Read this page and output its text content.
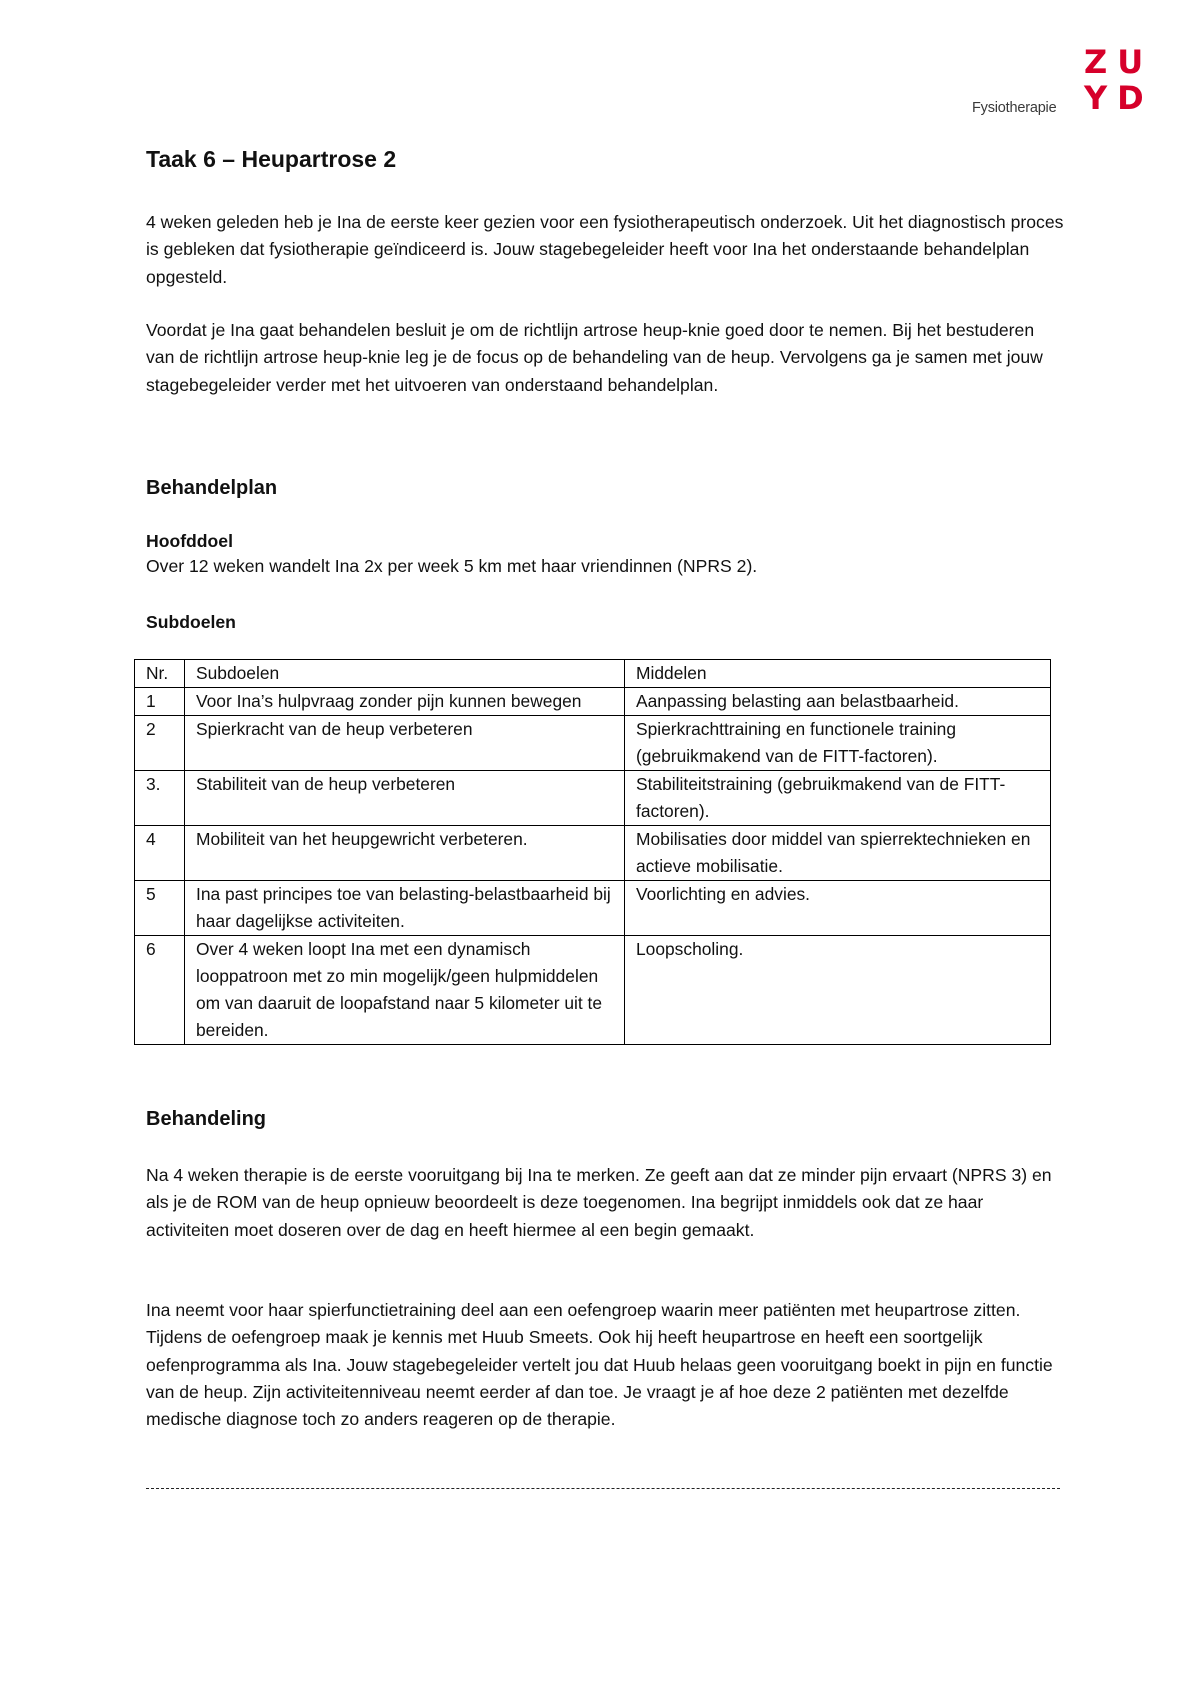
Fysiotherapie
ZU
YD
Taak 6 – Heupartrose 2

4 weken geleden heb je Ina de eerste keer gezien voor een fysiotherapeutisch onderzoek. Uit het diagnostisch proces is gebleken dat fysiotherapie geïndiceerd is. Jouw stagebegeleider heeft voor Ina het onderstaande behandelplan opgesteld.

Voordat je Ina gaat behandelen besluit je om de richtlijn artrose heup-knie goed door te nemen. Bij het bestuderen van de richtlijn artrose heup-knie leg je de focus op de behandeling van de heup. Vervolgens ga je samen met jouw stagebegeleider verder met het uitvoeren van onderstaand behandelplan.

Behandelplan
Hoofddoel

Over 12 weken wandelt Ina 2x per week 5 km met haar vriendinnen (NPRS 2).

Subdoelen
Nr.	Subdoelen	Middelen
1	Voor Ina’s hulpvraag zonder pijn kunnen bewegen	Aanpassing belasting aan belastbaarheid.
2	Spierkracht van de heup verbeteren	Spierkrachttraining en functionele training (gebruikmakend van de FITT-factoren).
3.	Stabiliteit van de heup verbeteren	Stabiliteitstraining (gebruikmakend van de FITT-factoren).
4	Mobiliteit van het heupgewricht verbeteren.	Mobilisaties door middel van spierrektechnieken en actieve mobilisatie.
5	Ina past principes toe van belasting-belastbaarheid bij haar dagelijkse activiteiten.	Voorlichting en advies.
6	Over 4 weken loopt Ina met een dynamisch looppatroon met zo min mogelijk/geen hulpmiddelen om van daaruit de loopafstand naar 5 kilometer uit te bereiden.	Loopscholing.
Behandeling

Na 4 weken therapie is de eerste vooruitgang bij Ina te merken. Ze geeft aan dat ze minder pijn ervaart (NPRS 3) en als je de ROM van de heup opnieuw beoordeelt is deze toegenomen. Ina begrijpt inmiddels ook dat ze haar activiteiten moet doseren over de dag en heeft hiermee al een begin gemaakt.

Ina neemt voor haar spierfunctietraining deel aan een oefengroep waarin meer patiënten met heupartrose zitten. Tijdens de oefengroep maak je kennis met Huub Smeets. Ook hij heeft heupartrose en heeft een soortgelijk oefenprogramma als Ina. Jouw stagebegeleider vertelt jou dat Huub helaas geen vooruitgang boekt in pijn en functie van de heup. Zijn activiteitenniveau neemt eerder af dan toe. Je vraagt je af hoe deze 2 patiënten met dezelfde medische diagnose toch zo anders reageren op de therapie.
